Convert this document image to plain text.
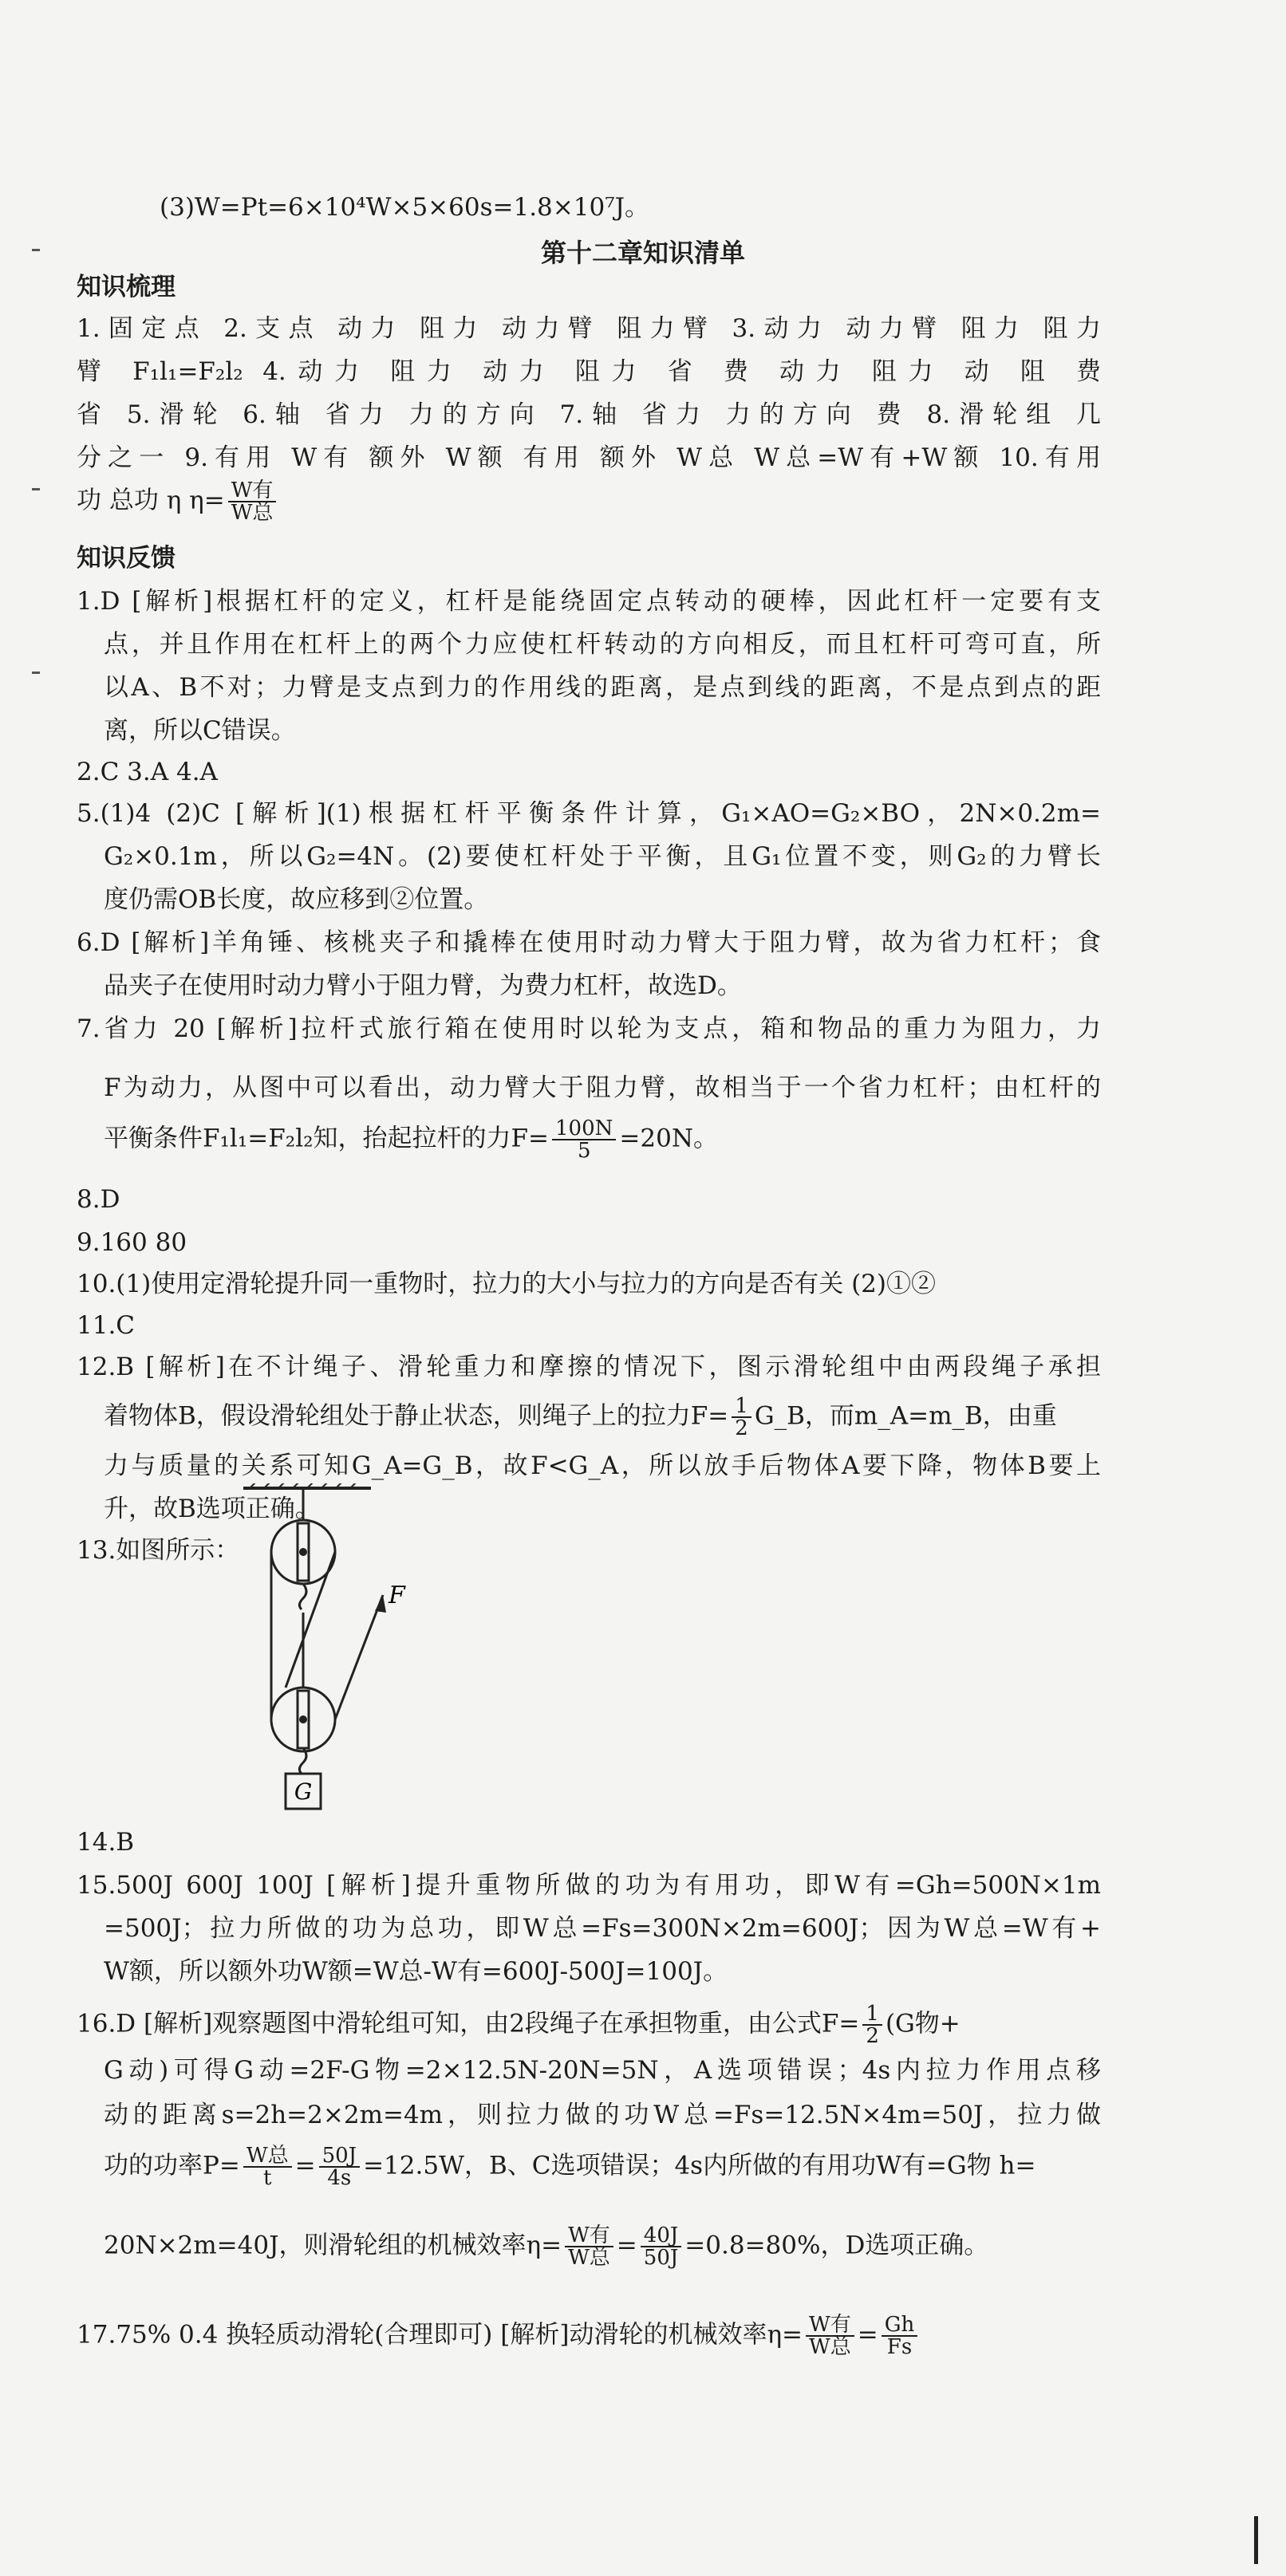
(3)W=Pt=6×10⁴W×5×60s=1.8×10⁷J。
第十二章知识清单
知识梳理
1.固定点 2.支点 动力 阻力 动力臂 阻力臂 3.动力 动力臂 阻力 阻力
臂 F₁l₁=F₂l₂ 4.动力 阻力 动力 阻力 省 费 动力 阻力 动 阻 费
省 5.滑轮 6.轴 省力 力的方向 7.轴 省力 力的方向 费 8.滑轮组 几
分之一 9.有用 W有 额外 W额 有用 额外 W总 W总=W有+W额 10.有用
功 总功 η $\eta= \frac{\text{W有}}{\text{W总}}$
知识反馈
1.D [解析]根据杠杆的定义，杠杆是能绕固定点转动的硬棒，因此杠杆一定要有支
点，并且作用在杠杆上的两个力应使杠杆转动的方向相反，而且杠杆可弯可直，所
以A、B不对；力臂是支点到力的作用线的距离，是点到线的距离，不是点到点的距
离，所以C错误。
2.C 3.A 4.A
5.(1)4 (2)C [解析](1)根据杠杆平衡条件计算，G₁×AO=G₂×BO，2N×0.2m=
G₂×0.1m，所以G₂=4N。(2)要使杠杆处于平衡，且G₁位置不变，则G₂的力臂长
度仍需OB长度，故应移到②位置。
6.D [解析]羊角锤、核桃夹子和撬棒在使用时动力臂大于阻力臂，故为省力杠杆；食
品夹子在使用时动力臂小于阻力臂，为费力杠杆，故选D。
7.省力 20 [解析]拉杆式旅行箱在使用时以轮为支点，箱和物品的重力为阻力，力
F为动力，从图中可以看出，动力臂大于阻力臂，故相当于一个省力杠杆；由杠杆的
平衡条件F₁l₁=F₂l₂知，抬起拉杆的力$F= \frac{100N}{5} =20N$。
8.D
9.160 80
10.(1)使用定滑轮提升同一重物时，拉力的大小与拉力的方向是否有关 (2)①②
11.C
12.B [解析]在不计绳子、滑轮重力和摩擦的情况下，图示滑轮组中由两段绳子承担
着物体B，假设滑轮组处于静止状态，则绳子上的拉力$F= \frac{1}{2}$ G_B，而m_A=m_B，由重
力与质量的关系可知G_A=G_B，故F<G_A，所以放手后物体A要下降，物体B要上
升，故B选项正确。
13.如图所示：
F
G
14.B
15.500J 600J 100J [解析]提升重物所做的功为有用功，即W有=Gh=500N×1m
=500J；拉力所做的功为总功，即W总=Fs=300N×2m=600J；因为W总=W有+
W额，所以额外功W额=W总-W有=600J-500J=100J。
16.D [解析]观察题图中滑轮组可知，由2段绳子在承担物重，由公式$F= \frac{1}{2} (G$物+
G动)可得G动=2F-G物=2×12.5N-20N=5N，A选项错误；4s内拉力作用点移
动的距离s=2h=2×2m=4m，则拉力做的功W总=Fs=12.5N×4m=50J，拉力做
功的功率$P= \frac{\text{W总}}{t} = \frac{50J}{4s} =12.5W$，B、C选项错误；4s内所做的有用功W有=G物 h=
20N×2m=40J，则滑轮组的机械效率$\eta= \frac{\text{W有}}{\text{W总}} = \frac{40J}{50J} =0.8=80\%$，D选项正确。
17.75% 0.4 换轻质动滑轮(合理即可) [解析]动滑轮的机械效率$\eta= \frac{\text{W有}}{\text{W总}} = \frac{Gh}{Fs}$
